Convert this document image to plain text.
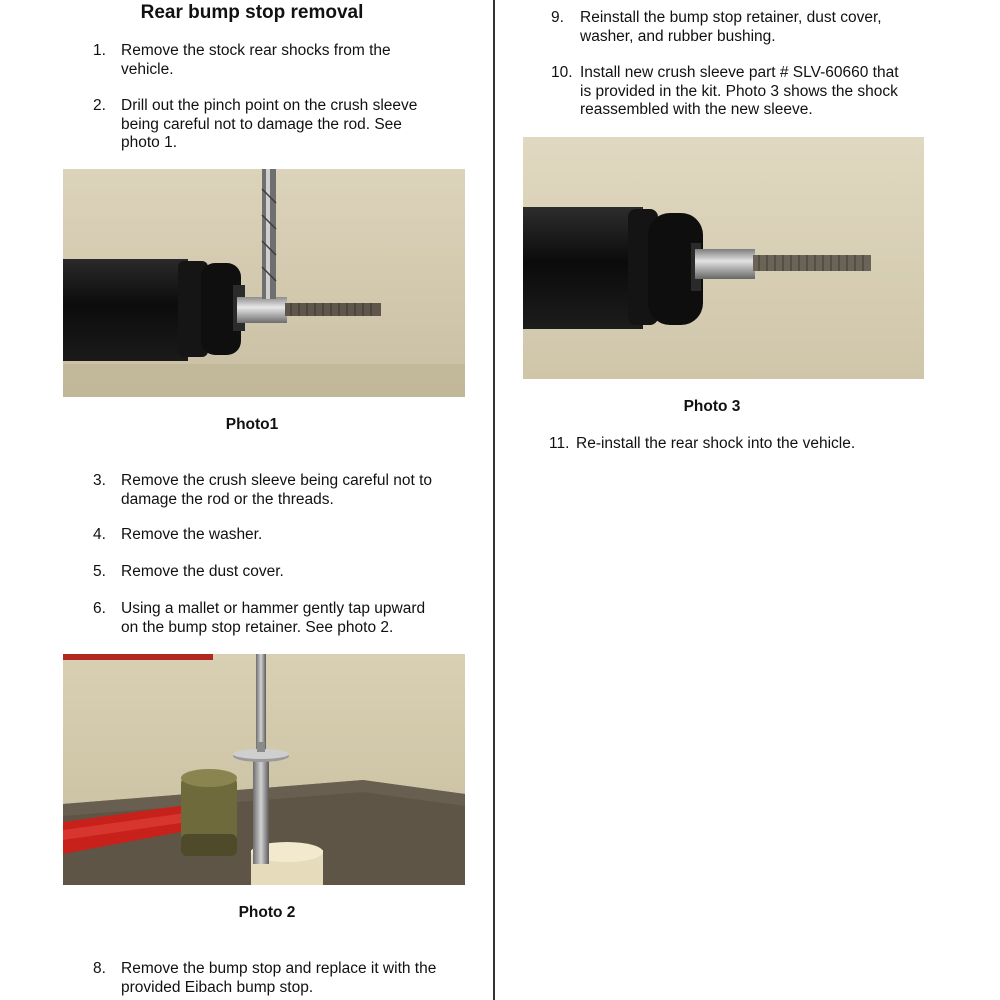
Rear bump stop removal
1. Remove the stock rear shocks from the vehicle.
2. Drill out the pinch point on the crush sleeve being careful not to damage the rod. See photo 1.
Photo1
3. Remove the crush sleeve being careful not to damage the rod or the threads.
4. Remove the washer.
5. Remove the dust cover.
6. Using a mallet or hammer gently tap upward on the bump stop retainer. See photo 2.
Photo 2
8. Remove the bump stop and replace it with the provided Eibach bump stop.
9.	Reinstall the bump stop retainer, dust cover, washer, and rubber bushing.
10. Install new crush sleeve part # SLV-60660 that is provided in the kit. Photo 3 shows the shock reassembled with the new sleeve.
Photo 3
11. Re-install the rear shock into the vehicle.
